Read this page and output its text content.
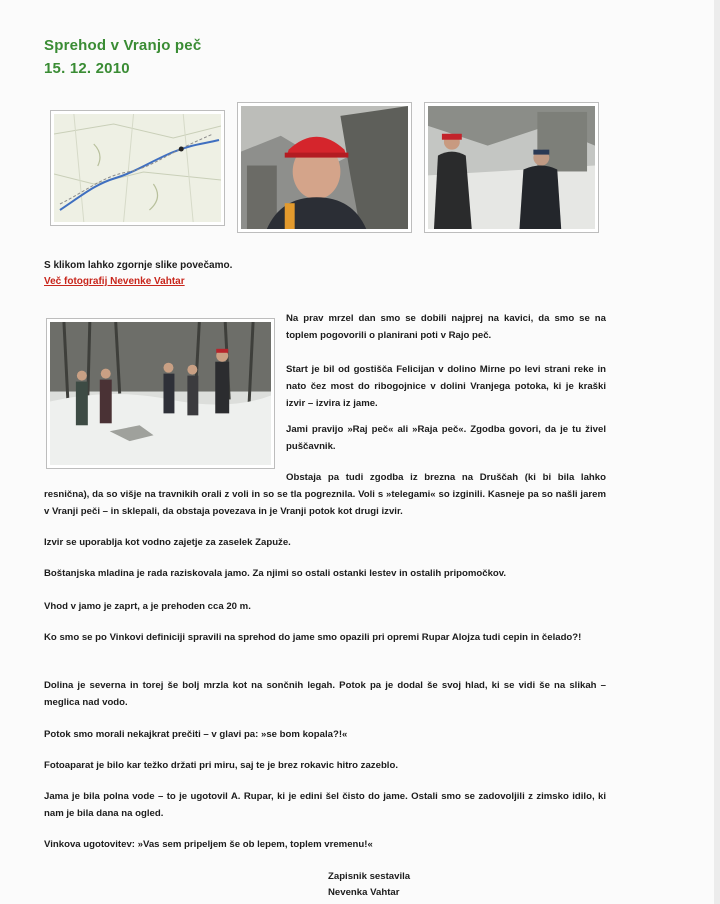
Sprehod v Vranjo peč
15. 12. 2010
S klikom lahko zgornje slike povečamo.
Več fotografij Nevenke Vahtar

Na prav mrzel dan smo se dobili najprej na kavici, da smo se na toplem pogovorili o planirani poti v Rajo peč.

Start je bil od gostišča Felicijan v dolino Mirne po levi strani reke in nato čez most do ribogojnice v dolini Vranjega potoka, ki je kraški izvir – izvira iz jame.

Jami pravijo »Raj peč« ali »Raja peč«. Zgodba govori, da je tu živel puščavnik.

Obstaja pa tudi zgodba iz brezna na Druščah (ki bi bila lahko resnična), da so višje na travnikih orali z voli in so se tla pogreznila. Voli s »telegami« so izginili. Kasneje pa so našli jarem v Vranji peči – in sklepali, da obstaja povezava in je Vranji potok kot drugi izvir.

Izvir se uporablja kot vodno zajetje za zaselek Zapuže.

Boštanjska mladina je rada raziskovala jamo. Za njimi so ostali ostanki lestev in ostalih pripomočkov.

Vhod v jamo je zaprt, a je prehoden cca 20 m.

Ko smo se po Vinkovi definiciji spravili na sprehod do jame smo opazili pri opremi Rupar Alojza tudi cepin in čelado?!

Dolina je severna in torej še bolj mrzla kot na sončnih legah. Potok pa je dodal še svoj hlad, ki se vidi še na slikah – meglica nad vodo.

Potok smo morali nekajkrat prečiti – v glavi pa: »se bom kopala?!«

Fotoaparat je bilo kar težko držati pri miru, saj te je brez rokavic hitro zazeblo.

Jama je bila polna vode – to je ugotovil A. Rupar, ki je edini šel čisto do jame. Ostali smo se zadovoljili z zimsko idilo, ki nam je bila dana na ogled.

Vinkova ugotovitev: »Vas sem pripeljem še ob lepem, toplem vremenu!«

Zapisnik sestavila
Nevenka Vahtar
